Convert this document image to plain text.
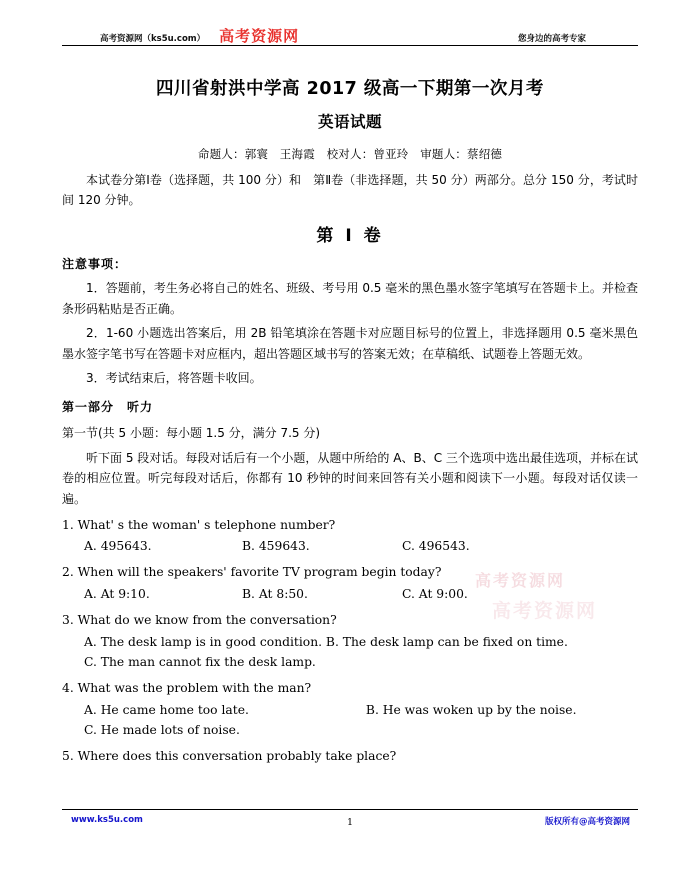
高考资源网
高考资源网
高考资源网（ks5u.com） 高考资源网	您身边的高考专家
四川省射洪中学高 2017 级高一下期第一次月考
英语试题
命题人：郭寰　王海霞　校对人：曾亚玲　审题人：蔡绍德

本试卷分第Ⅰ卷（选择题，共 100 分）和　第Ⅱ卷（非选择题，共 50 分）两部分。总分 150 分，考试时间 120 分钟。

第 Ⅰ 卷
注意事项：

1．答题前，考生务必将自己的姓名、班级、考号用 0.5 毫米的黑色墨水签字笔填写在答题卡上。并检查条形码粘贴是否正确。

2．1-60 小题选出答案后，用 2B 铅笔填涂在答题卡对应题目标号的位置上，非选择题用 0.5 毫米黑色墨水签字笔书写在答题卡对应框内，超出答题区域书写的答案无效；在草稿纸、试题卷上答题无效。

3．考试结束后，将答题卡收回。

第一部分　听力
第一节(共 5 小题：每小题 1.5 分，满分 7.5 分)

听下面 5 段对话。每段对话后有一个小题，从题中所给的 A、B、C 三个选项中选出最佳选项，并标在试卷的相应位置。听完每段对话后，你都有 10 秒钟的时间来回答有关小题和阅读下一小题。每段对话仅读一遍。

1. What' s the woman' s telephone number?
A. 495643.	B. 459643.	C. 496543.
2. When will the speakers' favorite TV program begin today?
A. At 9:10.	B. At 8:50.	C. At 9:00.
3. What do we know from the conversation?
A. The desk lamp is in good condition. B. The desk lamp can be fixed on time.
C. The man cannot fix the desk lamp.
4. What was the problem with the man?
A. He came home too late.	B. He was woken up by the noise.
C. He made lots of noise.
5. Where does this conversation probably take place?
www.ks5u.com	1	版权所有@高考资源网
